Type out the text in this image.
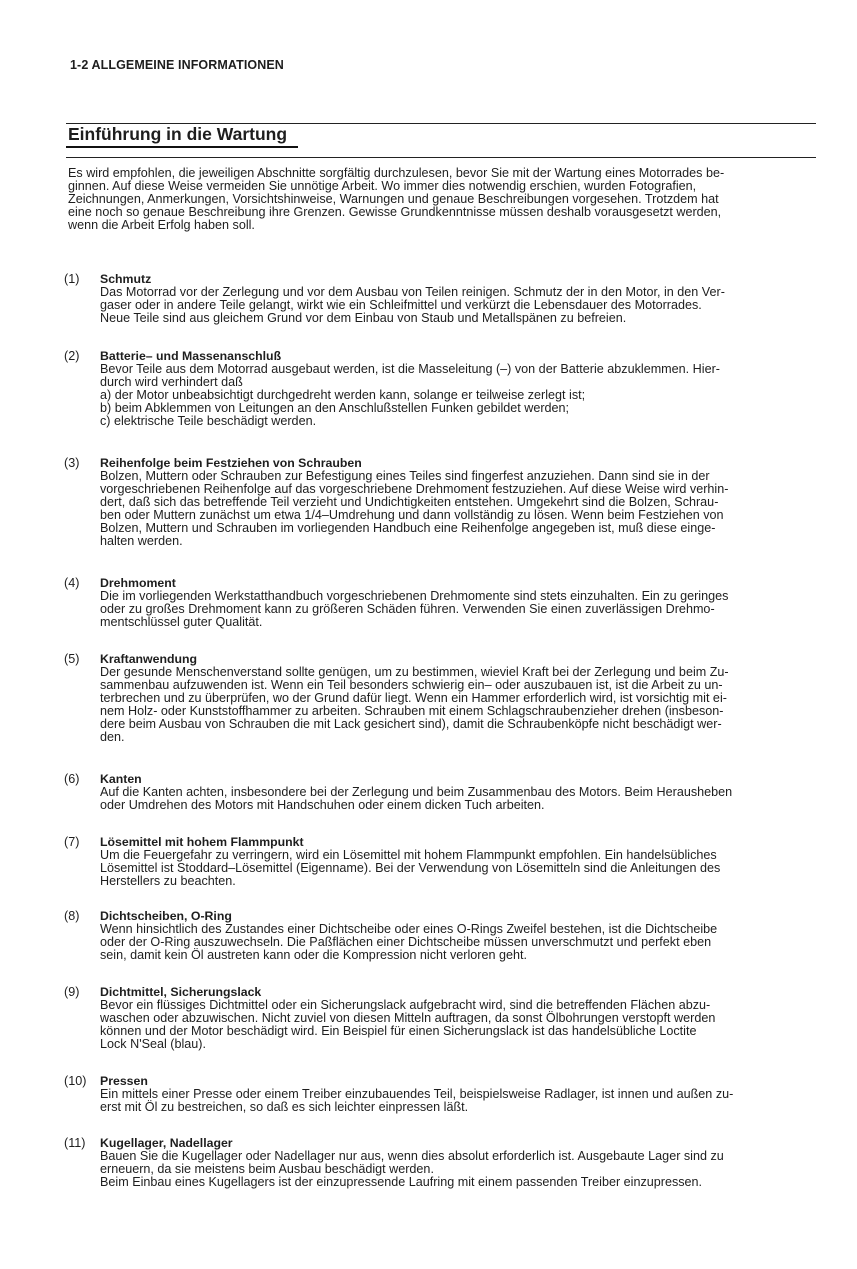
1-2 ALLGEMEINE INFORMATIONEN
Einführung in die Wartung
Es wird empfohlen, die jeweiligen Abschnitte sorgfältig durchzulesen, bevor Sie mit der Wartung eines Motorrades be-
ginnen. Auf diese Weise vermeiden Sie unnötige Arbeit. Wo immer dies notwendig erschien, wurden Fotografien,
Zeichnungen, Anmerkungen, Vorsichtshinweise, Warnungen und genaue Beschreibungen vorgesehen. Trotzdem hat
eine noch so genaue Beschreibung ihre Grenzen. Gewisse Grundkenntnisse müssen deshalb vorausgesetzt werden,
wenn die Arbeit Erfolg haben soll.
(1)	Schmutz
Das Motorrad vor der Zerlegung und vor dem Ausbau von Teilen reinigen. Schmutz der in den Motor, in den Ver-
gaser oder in andere Teile gelangt, wirkt wie ein Schleifmittel und verkürzt die Lebensdauer des Motorrades.
Neue Teile sind aus gleichem Grund vor dem Einbau von Staub und Metallspänen zu befreien.
(2)	Batterie– und Massenanschluß
Bevor Teile aus dem Motorrad ausgebaut werden, ist die Masseleitung (–) von der Batterie abzuklemmen. Hier-
durch wird verhindert daß
a) der Motor unbeabsichtigt durchgedreht werden kann, solange er teilweise zerlegt ist;
b) beim Abklemmen von Leitungen an den Anschlußstellen Funken gebildet werden;
c) elektrische Teile beschädigt werden.
(3)	Reihenfolge beim Festziehen von Schrauben
Bolzen, Muttern oder Schrauben zur Befestigung eines Teiles sind fingerfest anzuziehen. Dann sind sie in der
vorgeschriebenen Reihenfolge auf das vorgeschriebene Drehmoment festzuziehen. Auf diese Weise wird verhin-
dert, daß sich das betreffende Teil verzieht und Undichtigkeiten entstehen. Umgekehrt sind die Bolzen, Schrau-
ben oder Muttern zunächst um etwa 1/4–Umdrehung und dann vollständig zu lösen. Wenn beim Festziehen von
Bolzen, Muttern und Schrauben im vorliegenden Handbuch eine Reihenfolge angegeben ist, muß diese einge-
halten werden.
(4)	Drehmoment
Die im vorliegenden Werkstatthandbuch vorgeschriebenen Drehmomente sind stets einzuhalten. Ein zu geringes
oder zu großes Drehmoment kann zu größeren Schäden führen. Verwenden Sie einen zuverlässigen Drehmo-
mentschlüssel guter Qualität.
(5)	Kraftanwendung
Der gesunde Menschenverstand sollte genügen, um zu bestimmen, wieviel Kraft bei der Zerlegung und beim Zu-
sammenbau aufzuwenden ist. Wenn ein Teil besonders schwierig ein– oder auszubauen ist, ist die Arbeit zu un-
terbrechen und zu überprüfen, wo der Grund dafür liegt. Wenn ein Hammer erforderlich wird, ist vorsichtig mit ei-
nem Holz- oder Kunststoffhammer zu arbeiten. Schrauben mit einem Schlagschraubenzieher drehen (insbeson-
dere beim Ausbau von Schrauben die mit Lack gesichert sind), damit die Schraubenköpfe nicht beschädigt wer-
den.
(6)	Kanten
Auf die Kanten achten, insbesondere bei der Zerlegung und beim Zusammenbau des Motors. Beim Herausheben
oder Umdrehen des Motors mit Handschuhen oder einem dicken Tuch arbeiten.
(7)	Lösemittel mit hohem Flammpunkt
Um die Feuergefahr zu verringern, wird ein Lösemittel mit hohem Flammpunkt empfohlen. Ein handelsübliches
Lösemittel ist Stoddard–Lösemittel (Eigenname). Bei der Verwendung von Lösemitteln sind die Anleitungen des
Herstellers zu beachten.
(8)	Dichtscheiben, O-Ring
Wenn hinsichtlich des Zustandes einer Dichtscheibe oder eines O-Rings Zweifel bestehen, ist die Dichtscheibe
oder der O-Ring auszuwechseln. Die Paßflächen einer Dichtscheibe müssen unverschmutzt und perfekt eben
sein, damit kein Öl austreten kann oder die Kompression nicht verloren geht.
(9)	Dichtmittel, Sicherungslack
Bevor ein flüssiges Dichtmittel oder ein Sicherungslack aufgebracht wird, sind die betreffenden Flächen abzu-
waschen oder abzuwischen. Nicht zuviel von diesen Mitteln auftragen, da sonst Ölbohrungen verstopft werden
können und der Motor beschädigt wird. Ein Beispiel für einen Sicherungslack ist das handelsübliche Loctite
Lock N'Seal (blau).
(10)	Pressen
Ein mittels einer Presse oder einem Treiber einzubauendes Teil, beispielsweise Radlager, ist innen und außen zu-
erst mit Öl zu bestreichen, so daß es sich leichter einpressen läßt.
(11)	Kugellager, Nadellager
Bauen Sie die Kugellager oder Nadellager nur aus, wenn dies absolut erforderlich ist. Ausgebaute Lager sind zu
erneuern, da sie meistens beim Ausbau beschädigt werden.
Beim Einbau eines Kugellagers ist der einzupressende Laufring mit einem passenden Treiber einzupressen.
